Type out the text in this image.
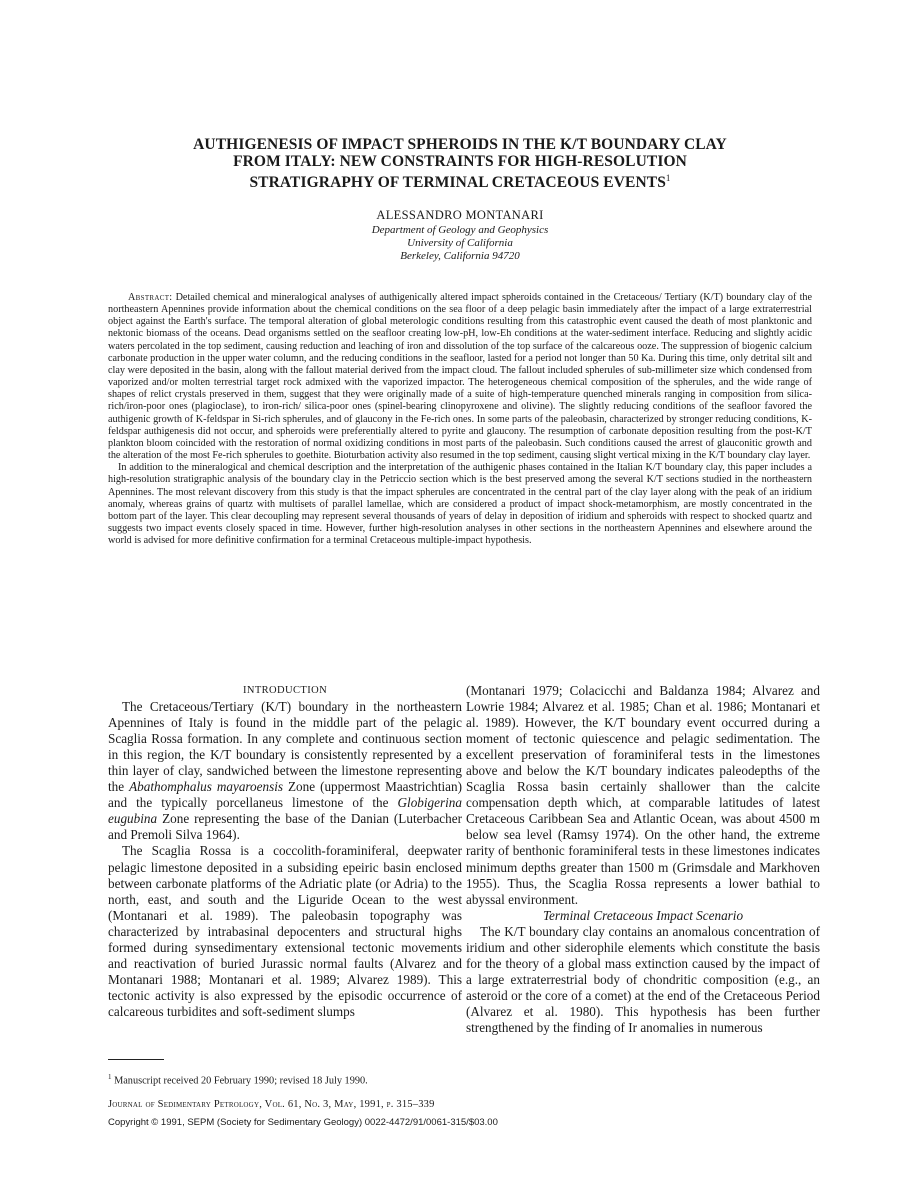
AUTHIGENESIS OF IMPACT SPHEROIDS IN THE K/T BOUNDARY CLAY
FROM ITALY: NEW CONSTRAINTS FOR HIGH-RESOLUTION
STRATIGRAPHY OF TERMINAL CRETACEOUS EVENTS$^1$
ALESSANDRO MONTANARI
Department of Geology and Geophysics
University of California
Berkeley, California 94720

Abstract: Detailed chemical and mineralogical analyses of authigenically altered impact spheroids contained in the Cretaceous/ Tertiary (K/T) boundary clay of the northeastern Apennines provide information about the chemical conditions on the sea floor of a deep pelagic basin immediately after the impact of a large extraterrestrial object against the Earth's surface. The temporal alteration of global meterologic conditions resulting from this catastrophic event caused the death of most planktonic and nektonic biomass of the oceans. Dead organisms settled on the seafloor creating low-pH, low-Eh conditions at the water-sediment interface. Reducing and slightly acidic waters percolated in the top sediment, causing reduction and leaching of iron and dissolution of the top surface of the calcareous ooze. The suppression of biogenic calcium carbonate production in the upper water column, and the reducing conditions in the seafloor, lasted for a period not longer than 50 Ka. During this time, only detrital silt and clay were deposited in the basin, along with the fallout material derived from the impact cloud. The fallout included spherules of sub-millimeter size which condensed from vaporized and/or molten terrestrial target rock admixed with the vaporized impactor. The heterogeneous chemical composition of the spherules, and the wide range of shapes of relict crystals preserved in them, suggest that they were originally made of a suite of high-temperature quenched minerals ranging in composition from silica-rich/iron-poor ones (plagioclase), to iron-rich/ silica-poor ones (spinel-bearing clinopyroxene and olivine). The slightly reducing conditions of the seafloor favored the authigenic growth of K-feldspar in Si-rich spherules, and of glaucony in the Fe-rich ones. In some parts of the paleobasin, characterized by stronger reducing conditions, K-feldspar authigenesis did not occur, and spheroids were preferentially altered to pyrite and glaucony. The resumption of carbonate deposition resulting from the post-K/T plankton bloom coincided with the restoration of normal oxidizing conditions in most parts of the paleobasin. Such conditions caused the arrest of glauconitic growth and the alteration of the most Fe-rich spherules to goethite. Bioturbation activity also resumed in the top sediment, causing slight vertical mixing in the K/T boundary clay layer.

In addition to the mineralogical and chemical description and the interpretation of the authigenic phases contained in the Italian K/T boundary clay, this paper includes a high-resolution stratigraphic analysis of the boundary clay in the Petriccio section which is the best preserved among the several K/T sections studied in the northeastern Apennines. The most relevant discovery from this study is that the impact spherules are concentrated in the central part of the clay layer along with the peak of an iridium anomaly, whereas grains of quartz with multisets of parallel lamellae, which are considered a product of impact shock-metamorphism, are mostly concentrated in the bottom part of the layer. This clear decoupling may represent several thousands of years of delay in deposition of iridium and spheroids with respect to shocked quartz and suggests two impact events closely spaced in time. However, further high-resolution analyses in other sections in the northeastern Apennines and elsewhere around the world is advised for more definitive confirmation for a terminal Cretaceous multiple-impact hypothesis.

INTRODUCTION

The Cretaceous/Tertiary (K/T) boundary in the northeastern Apennines of Italy is found in the middle part of the pelagic Scaglia Rossa formation. In any complete and continuous section in this region, the K/T boundary is consistently represented by a thin layer of clay, sandwiched between the limestone representing the Abathomphalus mayaroensis Zone (uppermost Maastrichtian) and the typically porcellaneus limestone of the Globigerina eugubina Zone representing the base of the Danian (Luterbacher and Premoli Silva 1964).

The Scaglia Rossa is a coccolith-foraminiferal, deepwater pelagic limestone deposited in a subsiding epeiric basin enclosed between carbonate platforms of the Adriatic plate (or Adria) to the north, east, and south and the Liguride Ocean to the west (Montanari et al. 1989). The paleobasin topography was characterized by intrabasinal depocenters and structural highs formed during synsedimentary extensional tectonic movements and reactivation of buried Jurassic normal faults (Alvarez and Montanari 1988; Montanari et al. 1989; Alvarez 1989). This tectonic activity is also expressed by the episodic occurrence of calcareous turbidites and soft-sediment slumps

(Montanari 1979; Colacicchi and Baldanza 1984; Alvarez and Lowrie 1984; Alvarez et al. 1985; Chan et al. 1986; Montanari et al. 1989). However, the K/T boundary event occurred during a moment of tectonic quiescence and pelagic sedimentation. The excellent preservation of foraminiferal tests in the limestones above and below the K/T boundary indicates paleodepths of the Scaglia Rossa basin certainly shallower than the calcite compensation depth which, at comparable latitudes of latest Cretaceous Caribbean Sea and Atlantic Ocean, was about 4500 m below sea level (Ramsy 1974). On the other hand, the extreme rarity of benthonic foraminiferal tests in these limestones indicates minimum depths greater than 1500 m (Grimsdale and Markhoven 1955). Thus, the Scaglia Rossa represents a lower bathial to abyssal environment.

Terminal Cretaceous Impact Scenario

The K/T boundary clay contains an anomalous concentration of iridium and other siderophile elements which constitute the basis for the theory of a global mass extinction caused by the impact of a large extraterrestrial body of chondritic composition (e.g., an asteroid or the core of a comet) at the end of the Cretaceous Period (Alvarez et al. 1980). This hypothesis has been further strengthened by the finding of Ir anomalies in numerous

$^1$ Manuscript received 20 February 1990; revised 18 July 1990.
Journal of Sedimentary Petrology, Vol. 61, No. 3, May, 1991, p. 315–339
Copyright © 1991, SEPM (Society for Sedimentary Geology) 0022-4472/91/0061-315/$03.00
